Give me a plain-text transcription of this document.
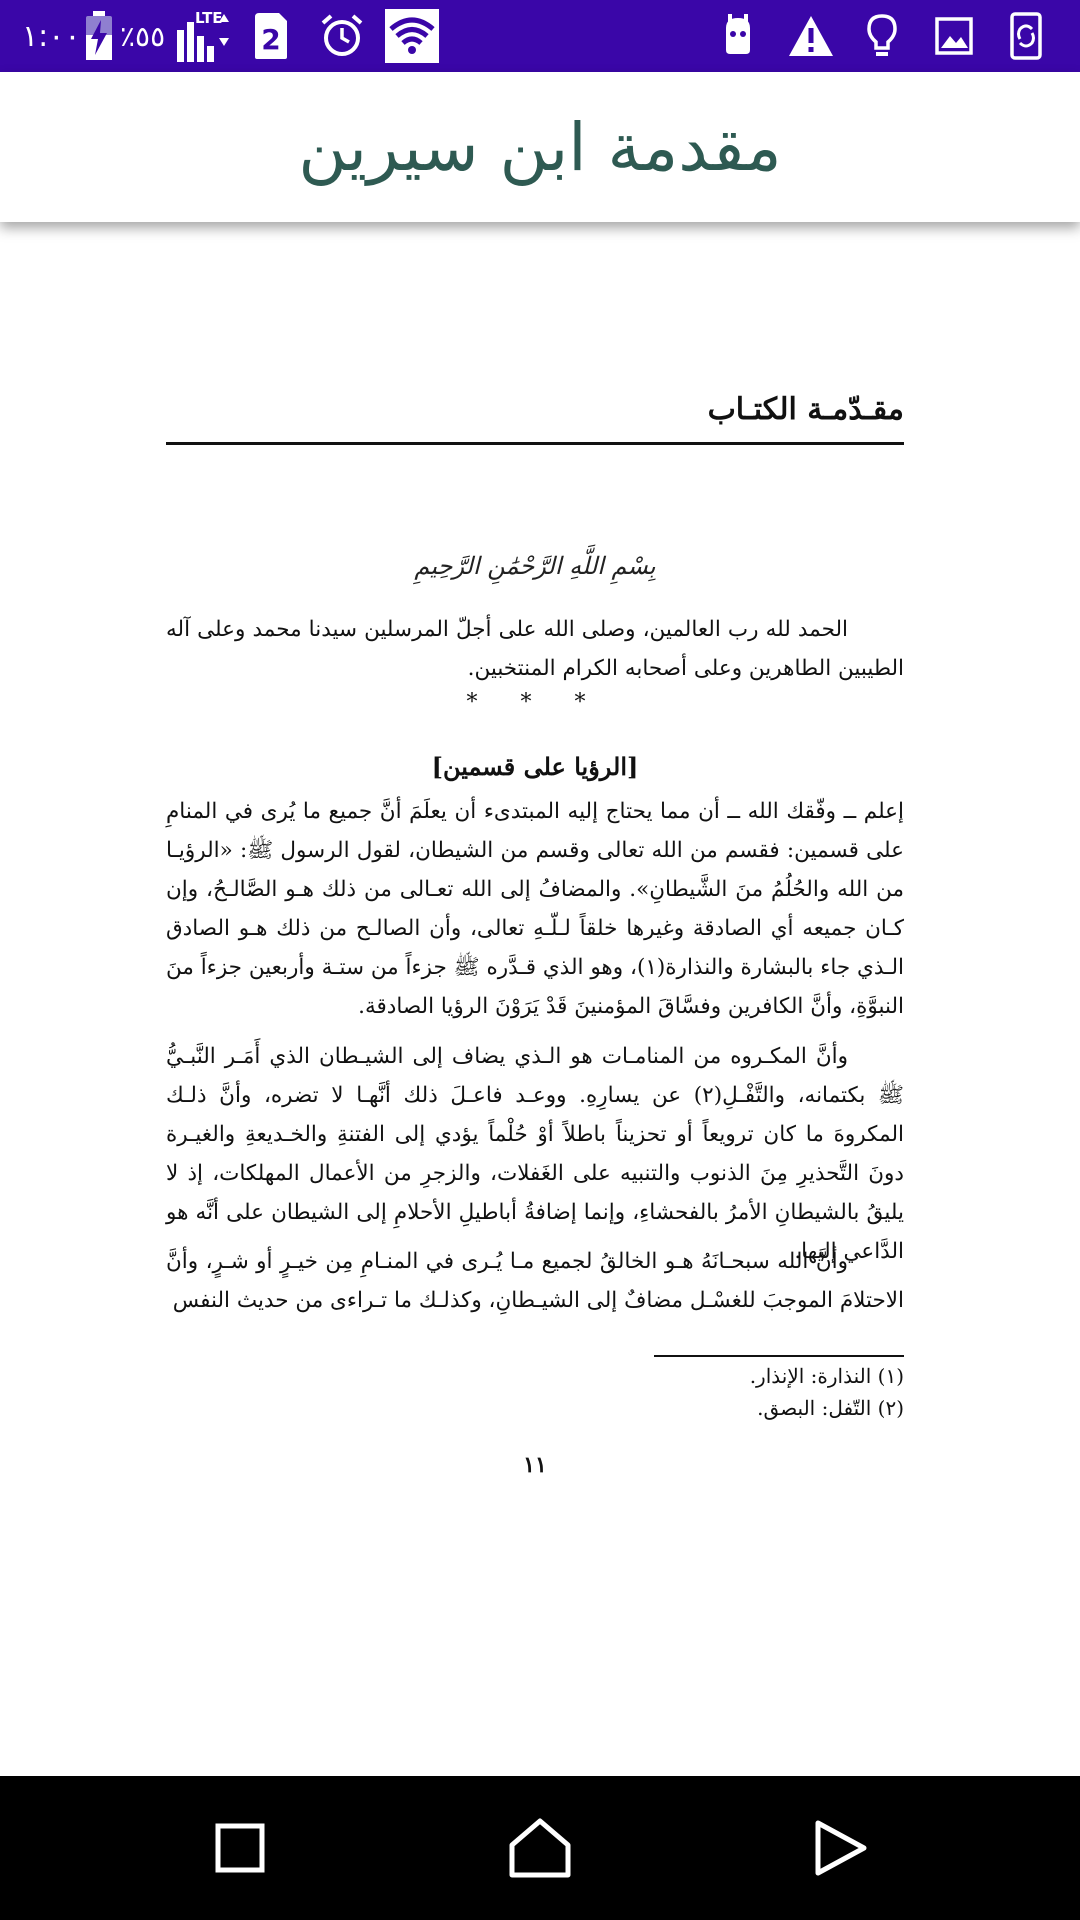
١:٠٠ ٪٥٥
LTE
2
مقدمة ابن سيرين
مقـدّمـة الكتـاب
بِسْمِ اللَّهِ الرَّحْمَٰنِ الرَّحِيمِ

الحمد لله رب العالمين، وصلى الله على أجلّ المرسلين سيدنا محمد وعلى آله الطيبين الطاهرين وعلى أصحابه الكرام المنتخبين.

* * *
[الرؤيا على قسمين]

إعلم ــ وفّقك الله ــ أن مما يحتاج إليه المبتدىء أن يعلَمَ أنَّ جميع ما يُرى في المنامِ على قسمين: فقسم من الله تعالى وقسم من الشيطان، لقول الرسول ﷺ: «الرؤيـا من الله والحُلُمُ منَ الشَّيطانِ». والمضافُ إلى الله تعـالى من ذلك هـو الصَّالـحُ، وإن كـان جميعه أي الصادقة وغيرها خلقاً لـلّـهِ تعالى، وأن الصالـح من ذلك هـو الصادق الـذي جاء بالبشارة والنذارة(١)، وهو الذي قـدَّره ﷺ جزءاً من ستـة وأربعين جزءاً منَ النبوَّةِ، وأنَّ الكافرين وفسَّاقَ المؤمنينَ قَدْ يَرَوْنَ الرؤيا الصادقة.

وأنَّ المكـروه من المنامـات هو الـذي يضاف إلى الشيـطان الذي أَمَـر النَّبـيُّ ﷺ بكتمانه، والتَّفْـلِ(٢) عن يسارِهِ. ووعـد فاعـلَ ذلك أنَّهـا لا تضره، وأنَّ ذلـك المكروهَ ما كان ترويعاً أو تحزيناً باطلاً أوْ حُلْماً يؤدي إلى الفتنةِ والخـديعةِ والغيـرة دونَ التَّحذيرِ مِنَ الذنوب والتنبيه على الغَفلات، والزجرِ من الأعمال المهلكات، إذ لا يليقُ بالشيطانِ الأمرُ بالفحشاءِ، وإنما إضافةُ أباطيلِ الأحلامِ إلى الشيطان على أنَّه هو الدَّاعي إليها.

وأنَّ الله سبحـانَهُ هـو الخالقُ لجميع مـا يُـرى في المنـامِ مِن خيـرٍ أو شـرٍ، وأنَّ الاحتلامَ الموجبَ للغسْـل مضافٌ إلى الشيـطانِ، وكذلـك ما تـراءى من حديث النفس

(١) النذارة: الإنذار.
(٢) التّفل: البصق.
١١
